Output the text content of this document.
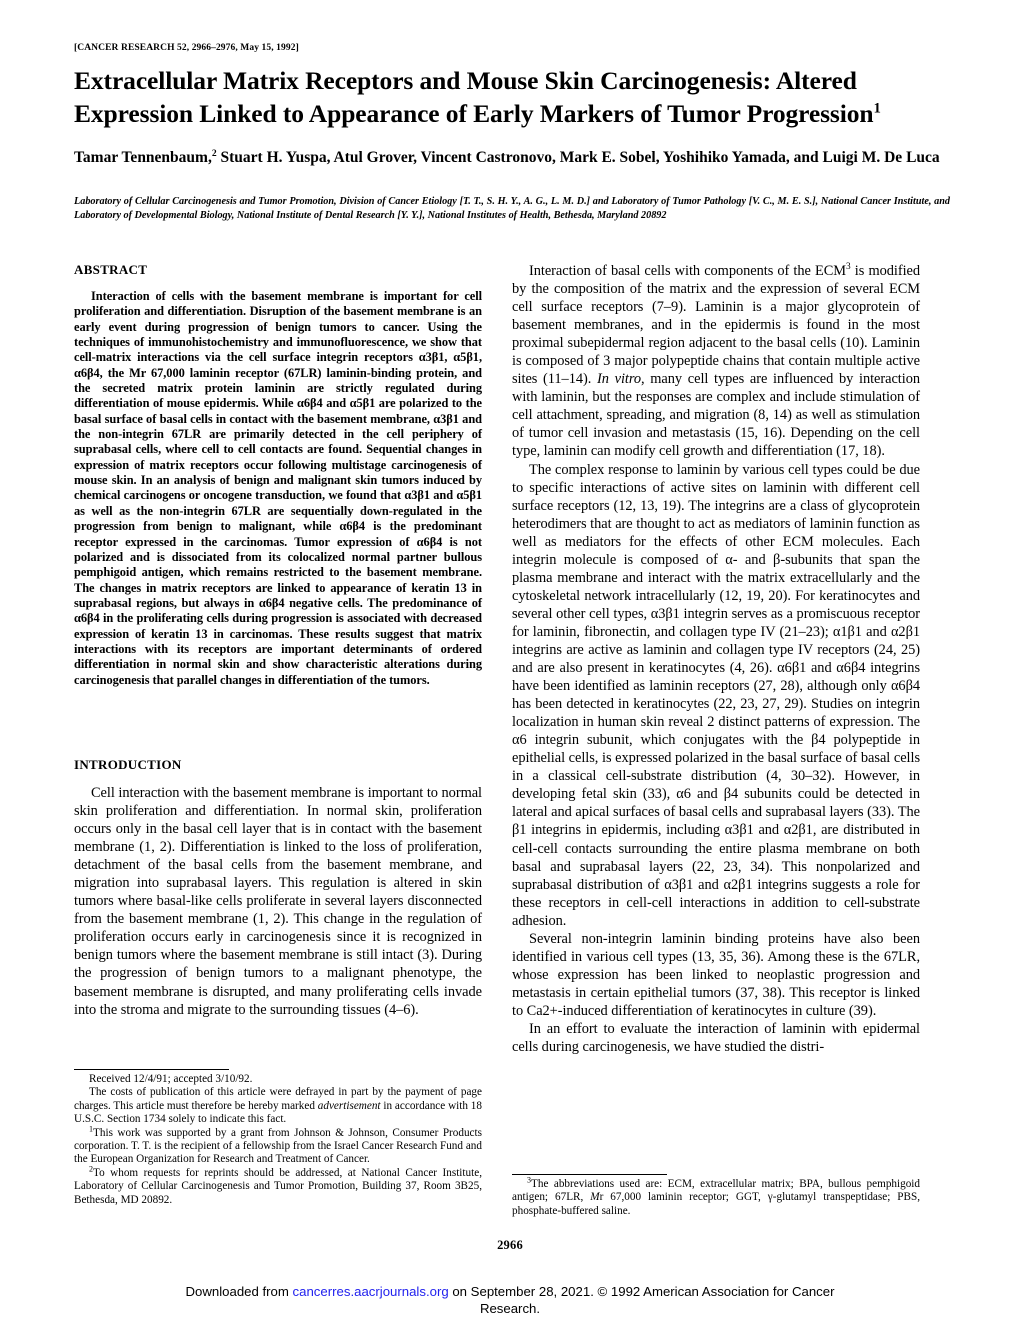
[CANCER RESEARCH 52, 2966–2976, May 15, 1992]
Extracellular Matrix Receptors and Mouse Skin Carcinogenesis: Altered
Expression Linked to Appearance of Early Markers of Tumor Progression$^1$
Tamar Tennenbaum,$^2$ Stuart H. Yuspa, Atul Grover, Vincent Castronovo, Mark E. Sobel, Yoshihiko Yamada, and Luigi M. De Luca
Laboratory of Cellular Carcinogenesis and Tumor Promotion, Division of Cancer Etiology [T. T., S. H. Y., A. G., L. M. D.] and Laboratory of Tumor Pathology [V. C., M. E. S.], National Cancer Institute, and Laboratory of Developmental Biology, National Institute of Dental Research [Y. Y.], National Institutes of Health, Bethesda, Maryland 20892
ABSTRACT

Interaction of cells with the basement membrane is important for cell proliferation and differentiation. Disruption of the basement membrane is an early event during progression of benign tumors to cancer. Using the techniques of immunohistochemistry and immunofluorescence, we show that cell-matrix interactions via the cell surface integrin receptors α3β1, α5β1, α6β4, the Mr 67,000 laminin receptor (67LR) laminin-binding protein, and the secreted matrix protein laminin are strictly regulated during differentiation of mouse epidermis. While α6β4 and α5β1 are polarized to the basal surface of basal cells in contact with the basement membrane, α3β1 and the non-integrin 67LR are primarily detected in the cell periphery of suprabasal cells, where cell to cell contacts are found. Sequential changes in expression of matrix receptors occur following multistage carcinogenesis of mouse skin. In an analysis of benign and malignant skin tumors induced by chemical carcinogens or oncogene transduction, we found that α3β1 and α5β1 as well as the non-integrin 67LR are sequentially down-regulated in the progression from benign to malignant, while α6β4 is the predominant receptor expressed in the carcinomas. Tumor expression of α6β4 is not polarized and is dissociated from its colocalized normal partner bullous pemphigoid antigen, which remains restricted to the basement membrane. The changes in matrix receptors are linked to appearance of keratin 13 in suprabasal regions, but always in α6β4 negative cells. The predominance of α6β4 in the proliferating cells during progression is associated with decreased expression of keratin 13 in carcinomas. These results suggest that matrix interactions with its receptors are important determinants of ordered differentiation in normal skin and show characteristic alterations during carcinogenesis that parallel changes in differentiation of the tumors.

INTRODUCTION

Cell interaction with the basement membrane is important to normal skin proliferation and differentiation. In normal skin, proliferation occurs only in the basal cell layer that is in contact with the basement membrane (1, 2). Differentiation is linked to the loss of proliferation, detachment of the basal cells from the basement membrane, and migration into suprabasal layers. This regulation is altered in skin tumors where basal-like cells proliferate in several layers disconnected from the basement membrane (1, 2). This change in the regulation of proliferation occurs early in carcinogenesis since it is recognized in benign tumors where the basement membrane is still intact (3). During the progression of benign tumors to a malignant phenotype, the basement membrane is disrupted, and many proliferating cells invade into the stroma and migrate to the surrounding tissues (4–6).

Received 12/4/91; accepted 3/10/92.

The costs of publication of this article were defrayed in part by the payment of page charges. This article must therefore be hereby marked advertisement in accordance with 18 U.S.C. Section 1734 solely to indicate this fact.

$^1$This work was supported by a grant from Johnson & Johnson, Consumer Products corporation. T. T. is the recipient of a fellowship from the Israel Cancer Research Fund and the European Organization for Research and Treatment of Cancer.

$^2$To whom requests for reprints should be addressed, at National Cancer Institute, Laboratory of Cellular Carcinogenesis and Tumor Promotion, Building 37, Room 3B25, Bethesda, MD 20892.

Interaction of basal cells with components of the ECM$^3$ is modified by the composition of the matrix and the expression of several ECM cell surface receptors (7–9). Laminin is a major glycoprotein of basement membranes, and in the epidermis is found in the most proximal subepidermal region adjacent to the basal cells (10). Laminin is composed of 3 major polypeptide chains that contain multiple active sites (11–14). In vitro, many cell types are influenced by interaction with laminin, but the responses are complex and include stimulation of cell attachment, spreading, and migration (8, 14) as well as stimulation of tumor cell invasion and metastasis (15, 16). Depending on the cell type, laminin can modify cell growth and differentiation (17, 18).

The complex response to laminin by various cell types could be due to specific interactions of active sites on laminin with different cell surface receptors (12, 13, 19). The integrins are a class of glycoprotein heterodimers that are thought to act as mediators of laminin function as well as mediators for the effects of other ECM molecules. Each integrin molecule is composed of α- and β-subunits that span the plasma membrane and interact with the matrix extracellularly and the cytoskeletal network intracellularly (12, 19, 20). For keratinocytes and several other cell types, α3β1 integrin serves as a promiscuous receptor for laminin, fibronectin, and collagen type IV (21–23); α1β1 and α2β1 integrins are active as laminin and collagen type IV receptors (24, 25) and are also present in keratinocytes (4, 26). α6β1 and α6β4 integrins have been identified as laminin receptors (27, 28), although only α6β4 has been detected in keratinocytes (22, 23, 27, 29). Studies on integrin localization in human skin reveal 2 distinct patterns of expression. The α6 integrin subunit, which conjugates with the β4 polypeptide in epithelial cells, is expressed polarized in the basal surface of basal cells in a classical cell-substrate distribution (4, 30–32). However, in developing fetal skin (33), α6 and β4 subunits could be detected in lateral and apical surfaces of basal cells and suprabasal layers (33). The β1 integrins in epidermis, including α3β1 and α2β1, are distributed in cell-cell contacts surrounding the entire plasma membrane on both basal and suprabasal layers (22, 23, 34). This nonpolarized and suprabasal distribution of α3β1 and α2β1 integrins suggests a role for these receptors in cell-cell interactions in addition to cell-substrate adhesion.

Several non-integrin laminin binding proteins have also been identified in various cell types (13, 35, 36). Among these is the 67LR, whose expression has been linked to neoplastic progression and metastasis in certain epithelial tumors (37, 38). This receptor is linked to Ca2+-induced differentiation of keratinocytes in culture (39).

In an effort to evaluate the interaction of laminin with epidermal cells during carcinogenesis, we have studied the distri-

$^3$The abbreviations used are: ECM, extracellular matrix; BPA, bullous pemphigoid antigen; 67LR, Mr 67,000 laminin receptor; GGT, γ-glutamyl transpeptidase; PBS, phosphate-buffered saline.

2966
Downloaded from cancerres.aacrjournals.org on September 28, 2021. © 1992 American Association for Cancer
Research.
